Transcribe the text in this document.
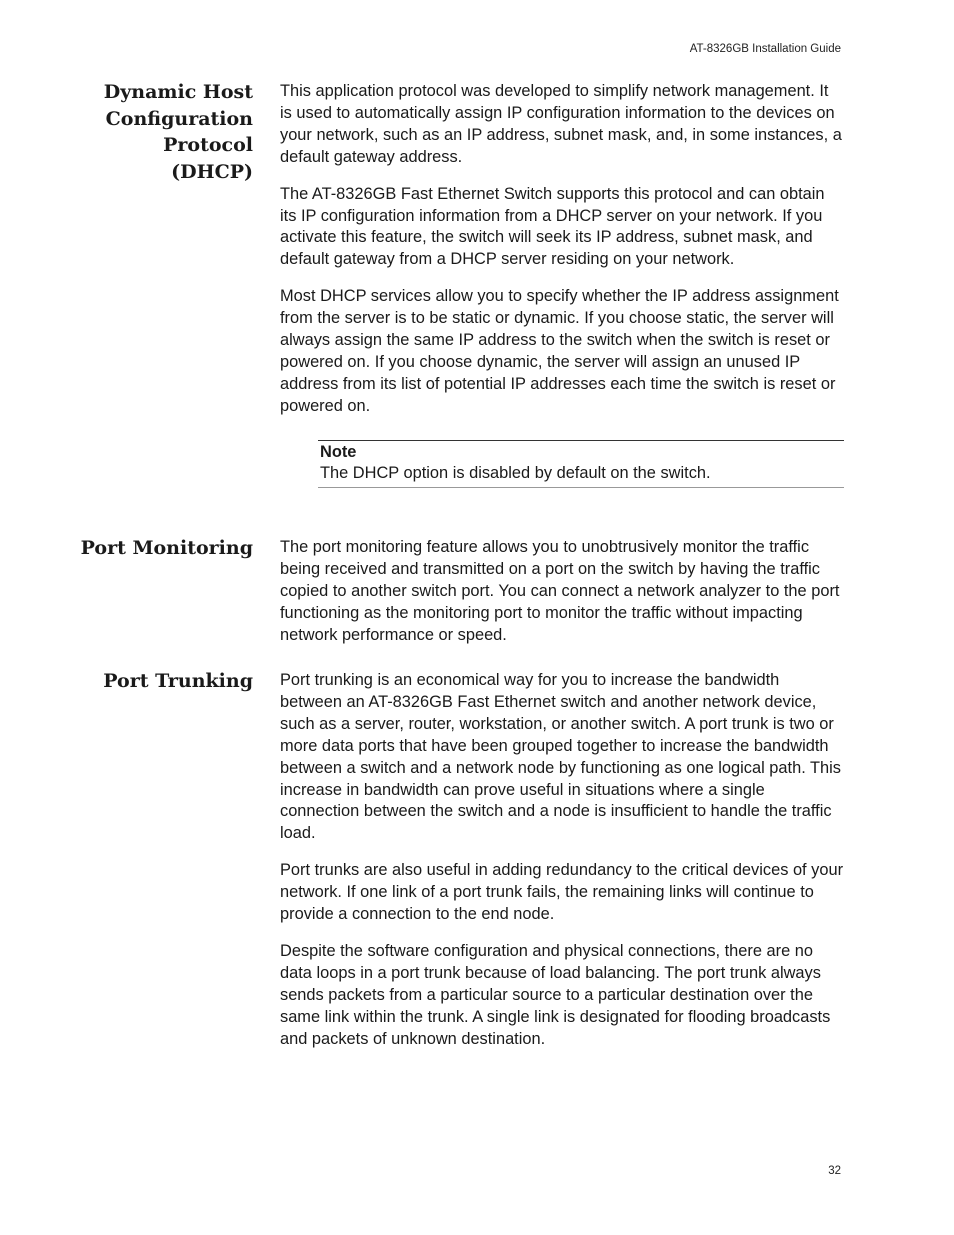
AT-8326GB Installation Guide
Dynamic Host
Configuration
Protocol
(DHCP)

This application protocol was developed to simplify network management. It is used to automatically assign IP configuration information to the devices on your network, such as an IP address, subnet mask, and, in some instances, a default gateway address.

The AT-8326GB Fast Ethernet Switch supports this protocol and can obtain its IP configuration information from a DHCP server on your network. If you activate this feature, the switch will seek its IP address, subnet mask, and default gateway from a DHCP server residing on your network.

Most DHCP services allow you to specify whether the IP address assignment from the server is to be static or dynamic. If you choose static, the server will always assign the same IP address to the switch when the switch is reset or powered on. If you choose dynamic, the server will assign an unused IP address from its list of potential IP addresses each time the switch is reset or powered on.

Note
The DHCP option is disabled by default on the switch.
Port Monitoring The port monitoring feature allows you to unobtrusively monitor the traffic being received and transmitted on a port on the switch by having the traffic copied to another switch port. You can connect a network analyzer to the port functioning as the monitoring port to monitor the traffic without impacting network performance or speed.

Port Trunking Port trunking is an economical way for you to increase the bandwidth between an AT-8326GB Fast Ethernet switch and another network device, such as a server, router, workstation, or another switch. A port trunk is two or more data ports that have been grouped together to increase the bandwidth between a switch and a network node by functioning as one logical path. This increase in bandwidth can prove useful in situations where a single connection between the switch and a node is insufficient to handle the traffic load.

Port trunks are also useful in adding redundancy to the critical devices of your network. If one link of a port trunk fails, the remaining links will continue to provide a connection to the end node.

Despite the software configuration and physical connections, there are no data loops in a port trunk because of load balancing. The port trunk always sends packets from a particular source to a particular destination over the same link within the trunk. A single link is designated for flooding broadcasts and packets of unknown destination.

32
